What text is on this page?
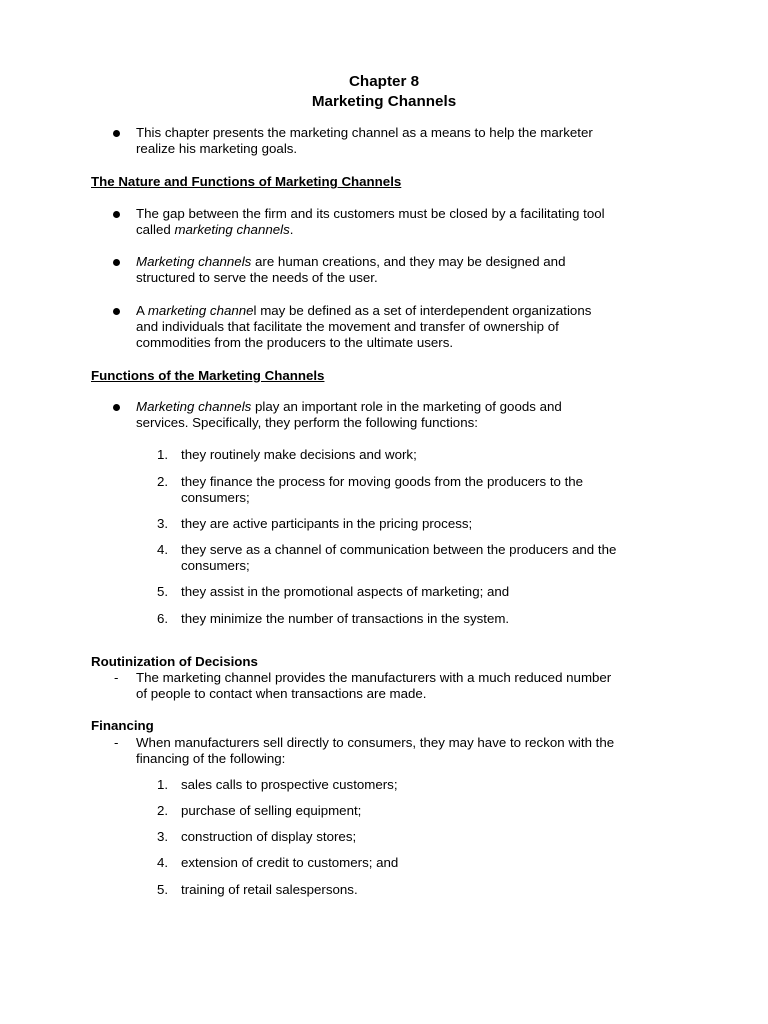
Chapter 8
Marketing Channels
This chapter presents the marketing channel as a means to help the marketer
realize his marketing goals.
The Nature and Functions of Marketing Channels
The gap between the firm and its customers must be closed by a facilitating tool
called marketing channels.
Marketing channels are human creations, and they may be designed and
structured to serve the needs of the user.
A marketing channel may be defined as a set of interdependent organizations
and individuals that facilitate the movement and transfer of ownership of
commodities from the producers to the ultimate users.
Functions of the Marketing Channels
Marketing channels play an important role in the marketing of goods and
services. Specifically, they perform the following functions:
1. they routinely make decisions and work;
2. they finance the process for moving goods from the producers to the
consumers;
3. they are active participants in the pricing process;
4. they serve as a channel of communication between the producers and the
consumers;
5. they assist in the promotional aspects of marketing; and
6. they minimize the number of transactions in the system.
Routinization of Decisions
- The marketing channel provides the manufacturers with a much reduced number
of people to contact when transactions are made.
Financing
- When manufacturers sell directly to consumers, they may have to reckon with the
financing of the following:
1. sales calls to prospective customers;
2. purchase of selling equipment;
3. construction of display stores;
4. extension of credit to customers; and
5. training of retail salespersons.
